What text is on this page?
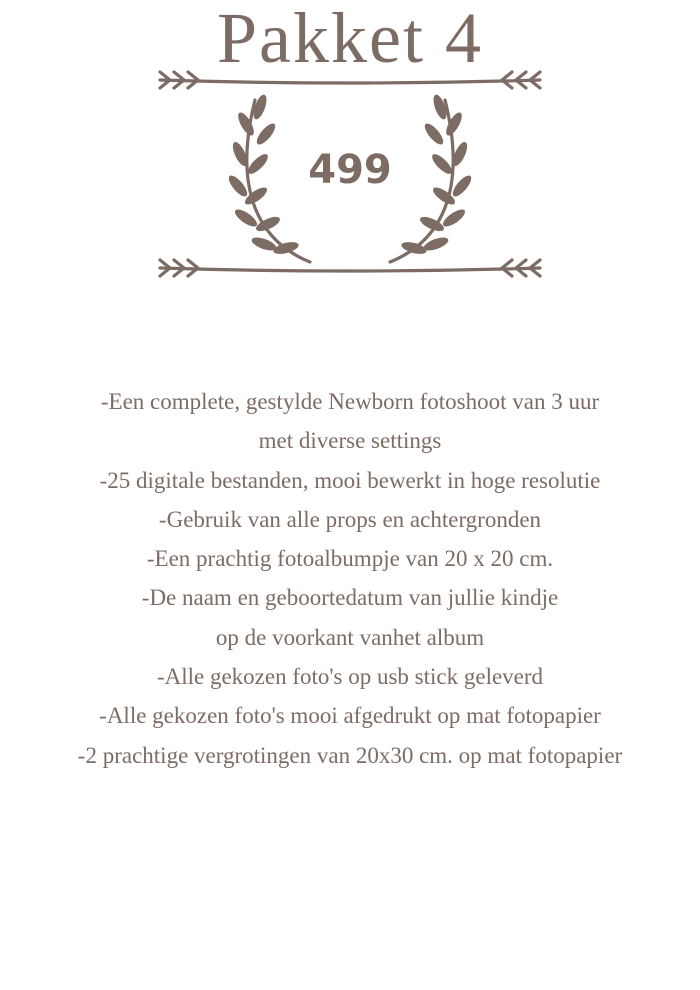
Pakket 4
499
-Een complete, gestylde Newborn fotoshoot van 3 uur
met diverse settings
-25 digitale bestanden, mooi bewerkt in hoge resolutie
-Gebruik van alle props en achtergronden
-Een prachtig fotoalbumpje van 20 x 20 cm.
-De naam en geboortedatum van jullie kindje
op de voorkant vanhet album
-Alle gekozen foto's op usb stick geleverd
-Alle gekozen foto's mooi afgedrukt op mat fotopapier
-2 prachtige vergrotingen van 20x30 cm. op mat fotopapier
